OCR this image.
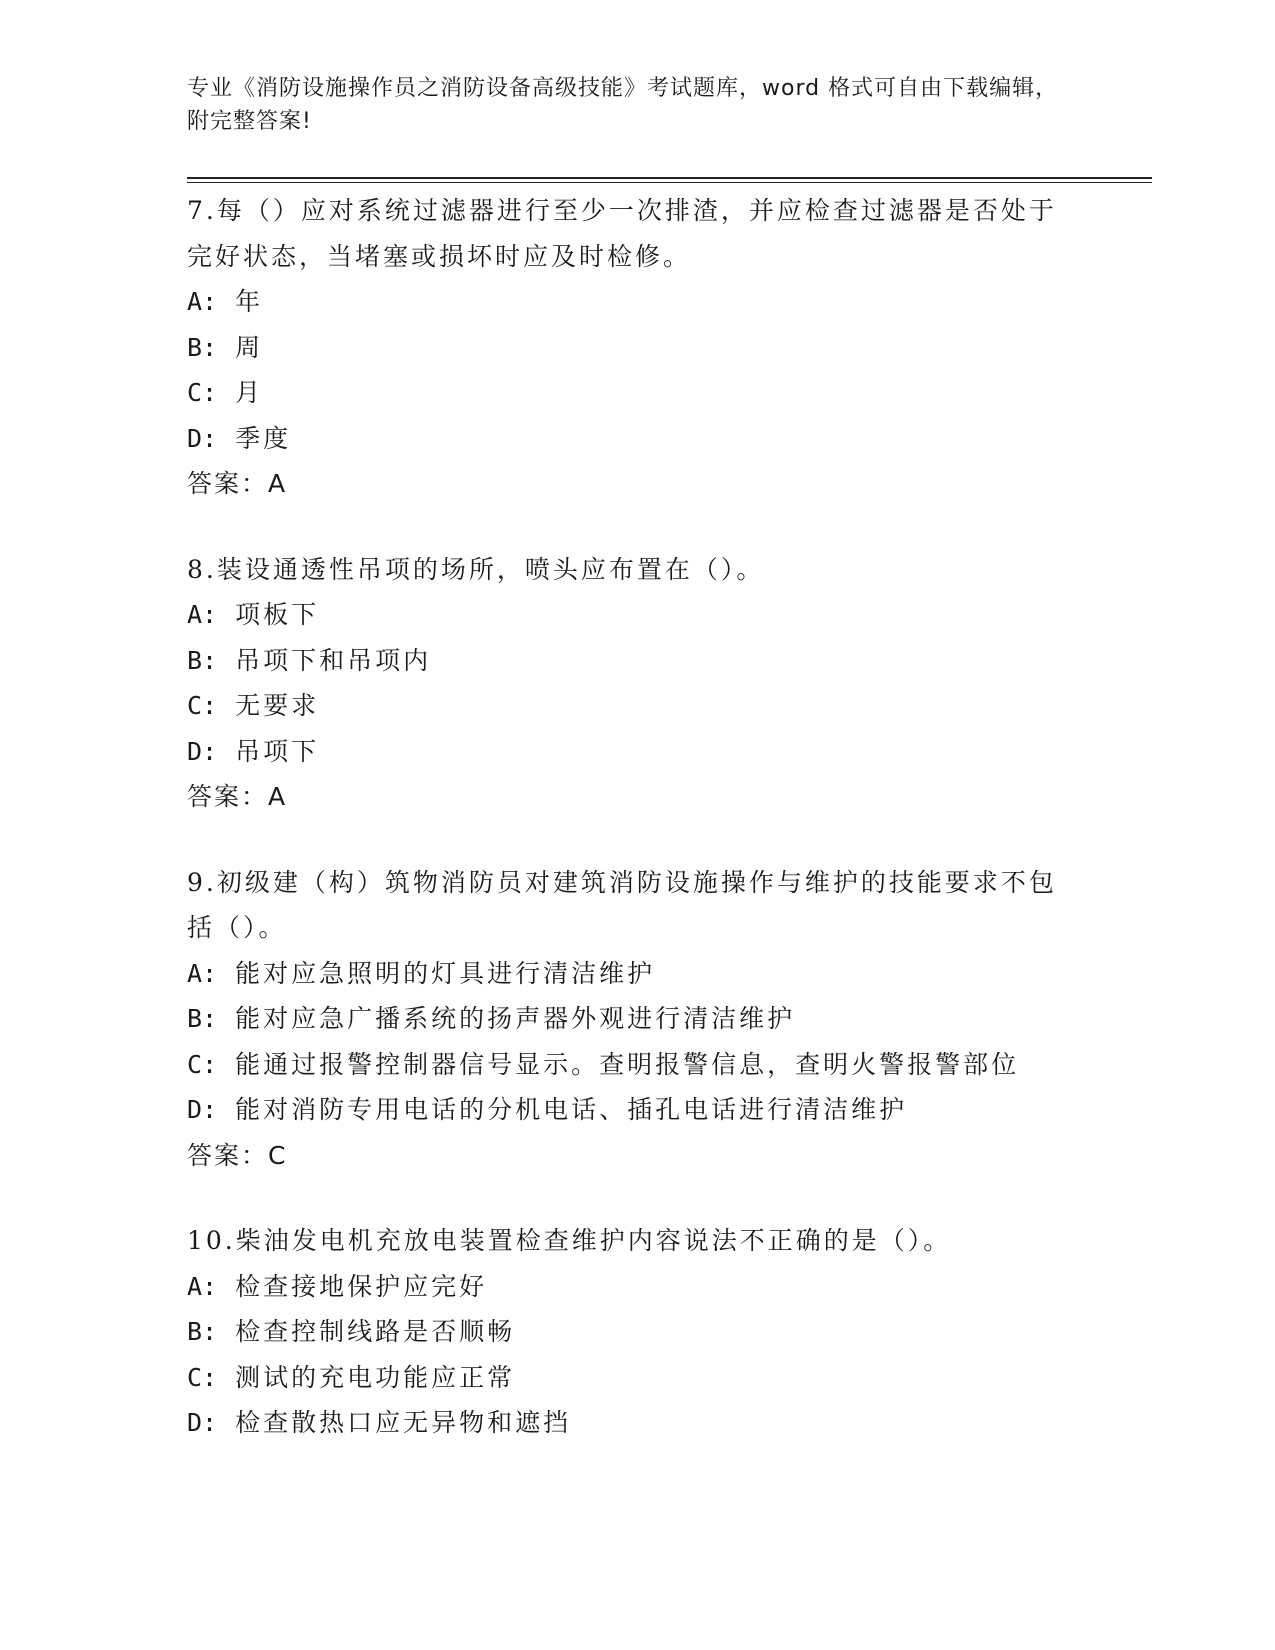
专业《消防设施操作员之消防设备高级技能》考试题库，word 格式可自由下载编辑，附完整答案!
7.每（）应对系统过滤器进行至少一次排渣，并应检查过滤器是否处于完好状态，当堵塞或损坏时应及时检修。
A: 年
B: 周
C: 月
D: 季度
答案：A
8.装设通透性吊项的场所，喷头应布置在（）。
A: 项板下
B: 吊项下和吊项内
C: 无要求
D: 吊项下
答案：A
9.初级建（构）筑物消防员对建筑消防设施操作与维护的技能要求不包括（）。
A: 能对应急照明的灯具进行清洁维护
B: 能对应急广播系统的扬声器外观进行清洁维护
C: 能通过报警控制器信号显示。查明报警信息，查明火警报警部位
D: 能对消防专用电话的分机电话、插孔电话进行清洁维护
答案：C
10.柴油发电机充放电装置检查维护内容说法不正确的是（）。
A: 检查接地保护应完好
B: 检查控制线路是否顺畅
C: 测试的充电功能应正常
D: 检查散热口应无异物和遮挡
